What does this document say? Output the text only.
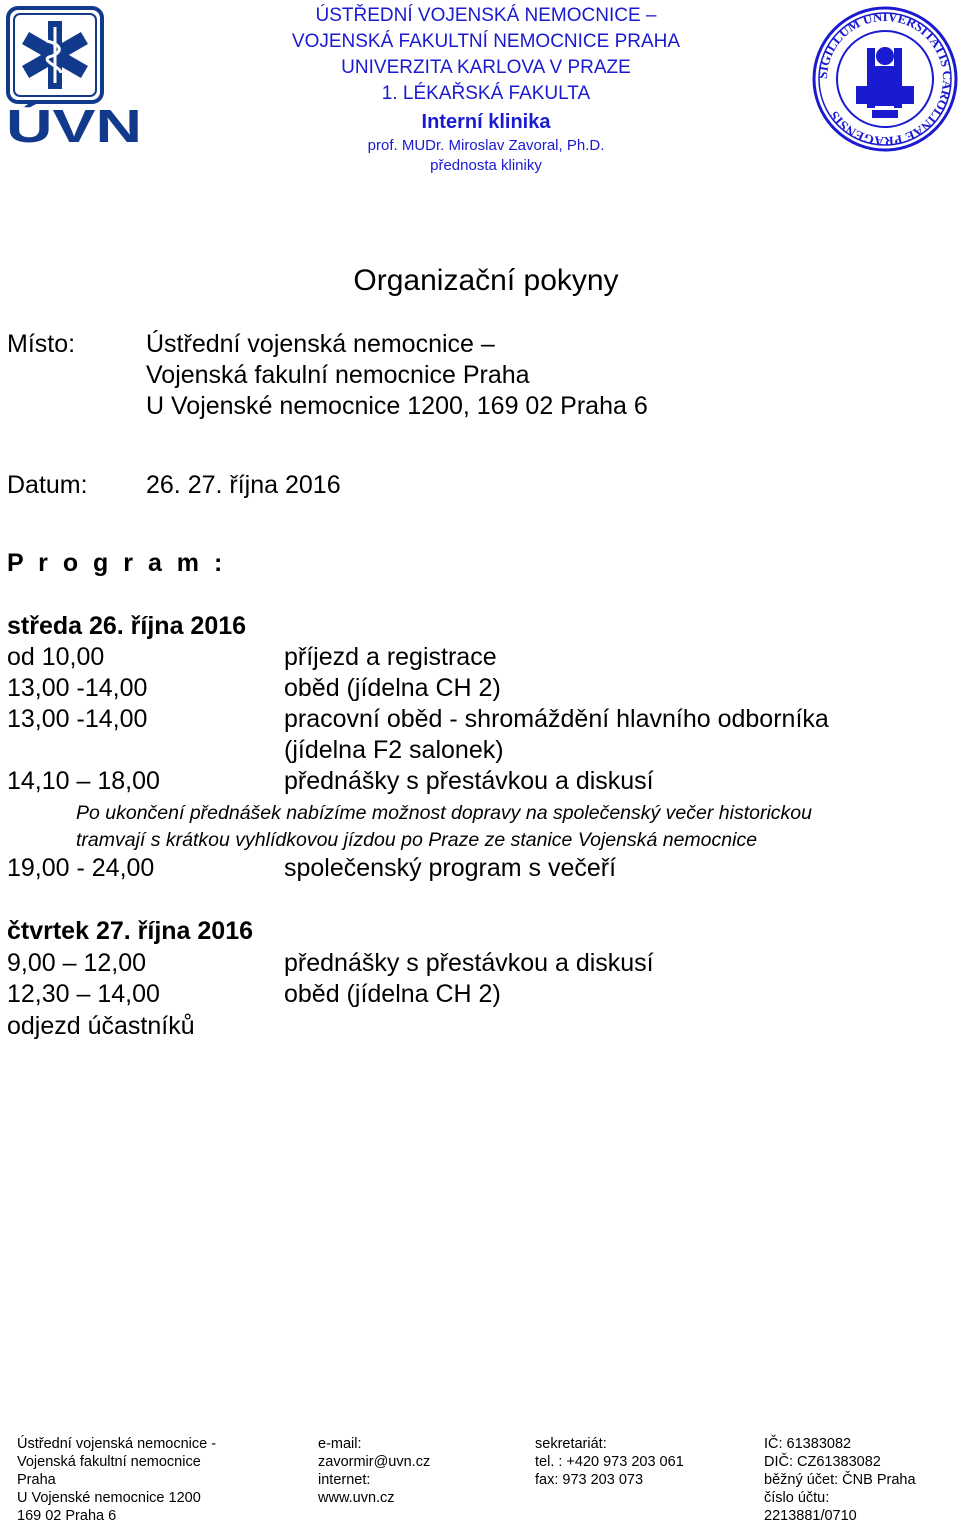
ÚVN
SIGILLUM UNIVERSITATIS CAROLINAE PRAGENSIS
ÚSTŘEDNÍ VOJENSKÁ NEMOCNICE –
VOJENSKÁ FAKULTNÍ NEMOCNICE PRAHA
UNIVERZITA KARLOVA V PRAZE
1. LÉKAŘSKÁ FAKULTA
Interní klinika
prof. MUDr. Miroslav Zavoral, Ph.D.
přednosta kliniky
Organizační pokyny
Místo:	Ústřední vojenská nemocnice –
Vojenská fakulní nemocnice Praha
U Vojenské nemocnice 1200, 169 02 Praha 6
Datum: 26. 27. října 2016
P r o g r a m :
středa 26. října 2016
od 10,00	příjezd a registrace
13,00 -14,00	oběd (jídelna CH 2)
13,00 -14,00	pracovní oběd - shromáždění hlavního odborníka
(jídelna F2 salonek)
14,10 – 18,00	přednášky s přestávkou a diskusí
Po ukončení přednášek nabízíme možnost dopravy na společenský večer historickou
tramvají s krátkou vyhlídkovou jízdou po Praze ze stanice Vojenská nemocnice
19,00 - 24,00	společenský program s večeří
čtvrtek 27. října 2016
9,00 – 12,00	přednášky s přestávkou a diskusí
12,30 – 14,00	oběd (jídelna CH 2)
odjezd účastníků
Ústřední vojenská nemocnice -
Vojenská fakultní nemocnice
Praha
U Vojenské nemocnice 1200
169 02 Praha 6
e-mail:
zavormir@uvn.cz
internet:
www.uvn.cz
sekretariát:
tel. : +420 973 203 061
fax: 973 203 073
IČ: 61383082
DIČ: CZ61383082
běžný účet: ČNB Praha
číslo účtu:
2213881/0710
